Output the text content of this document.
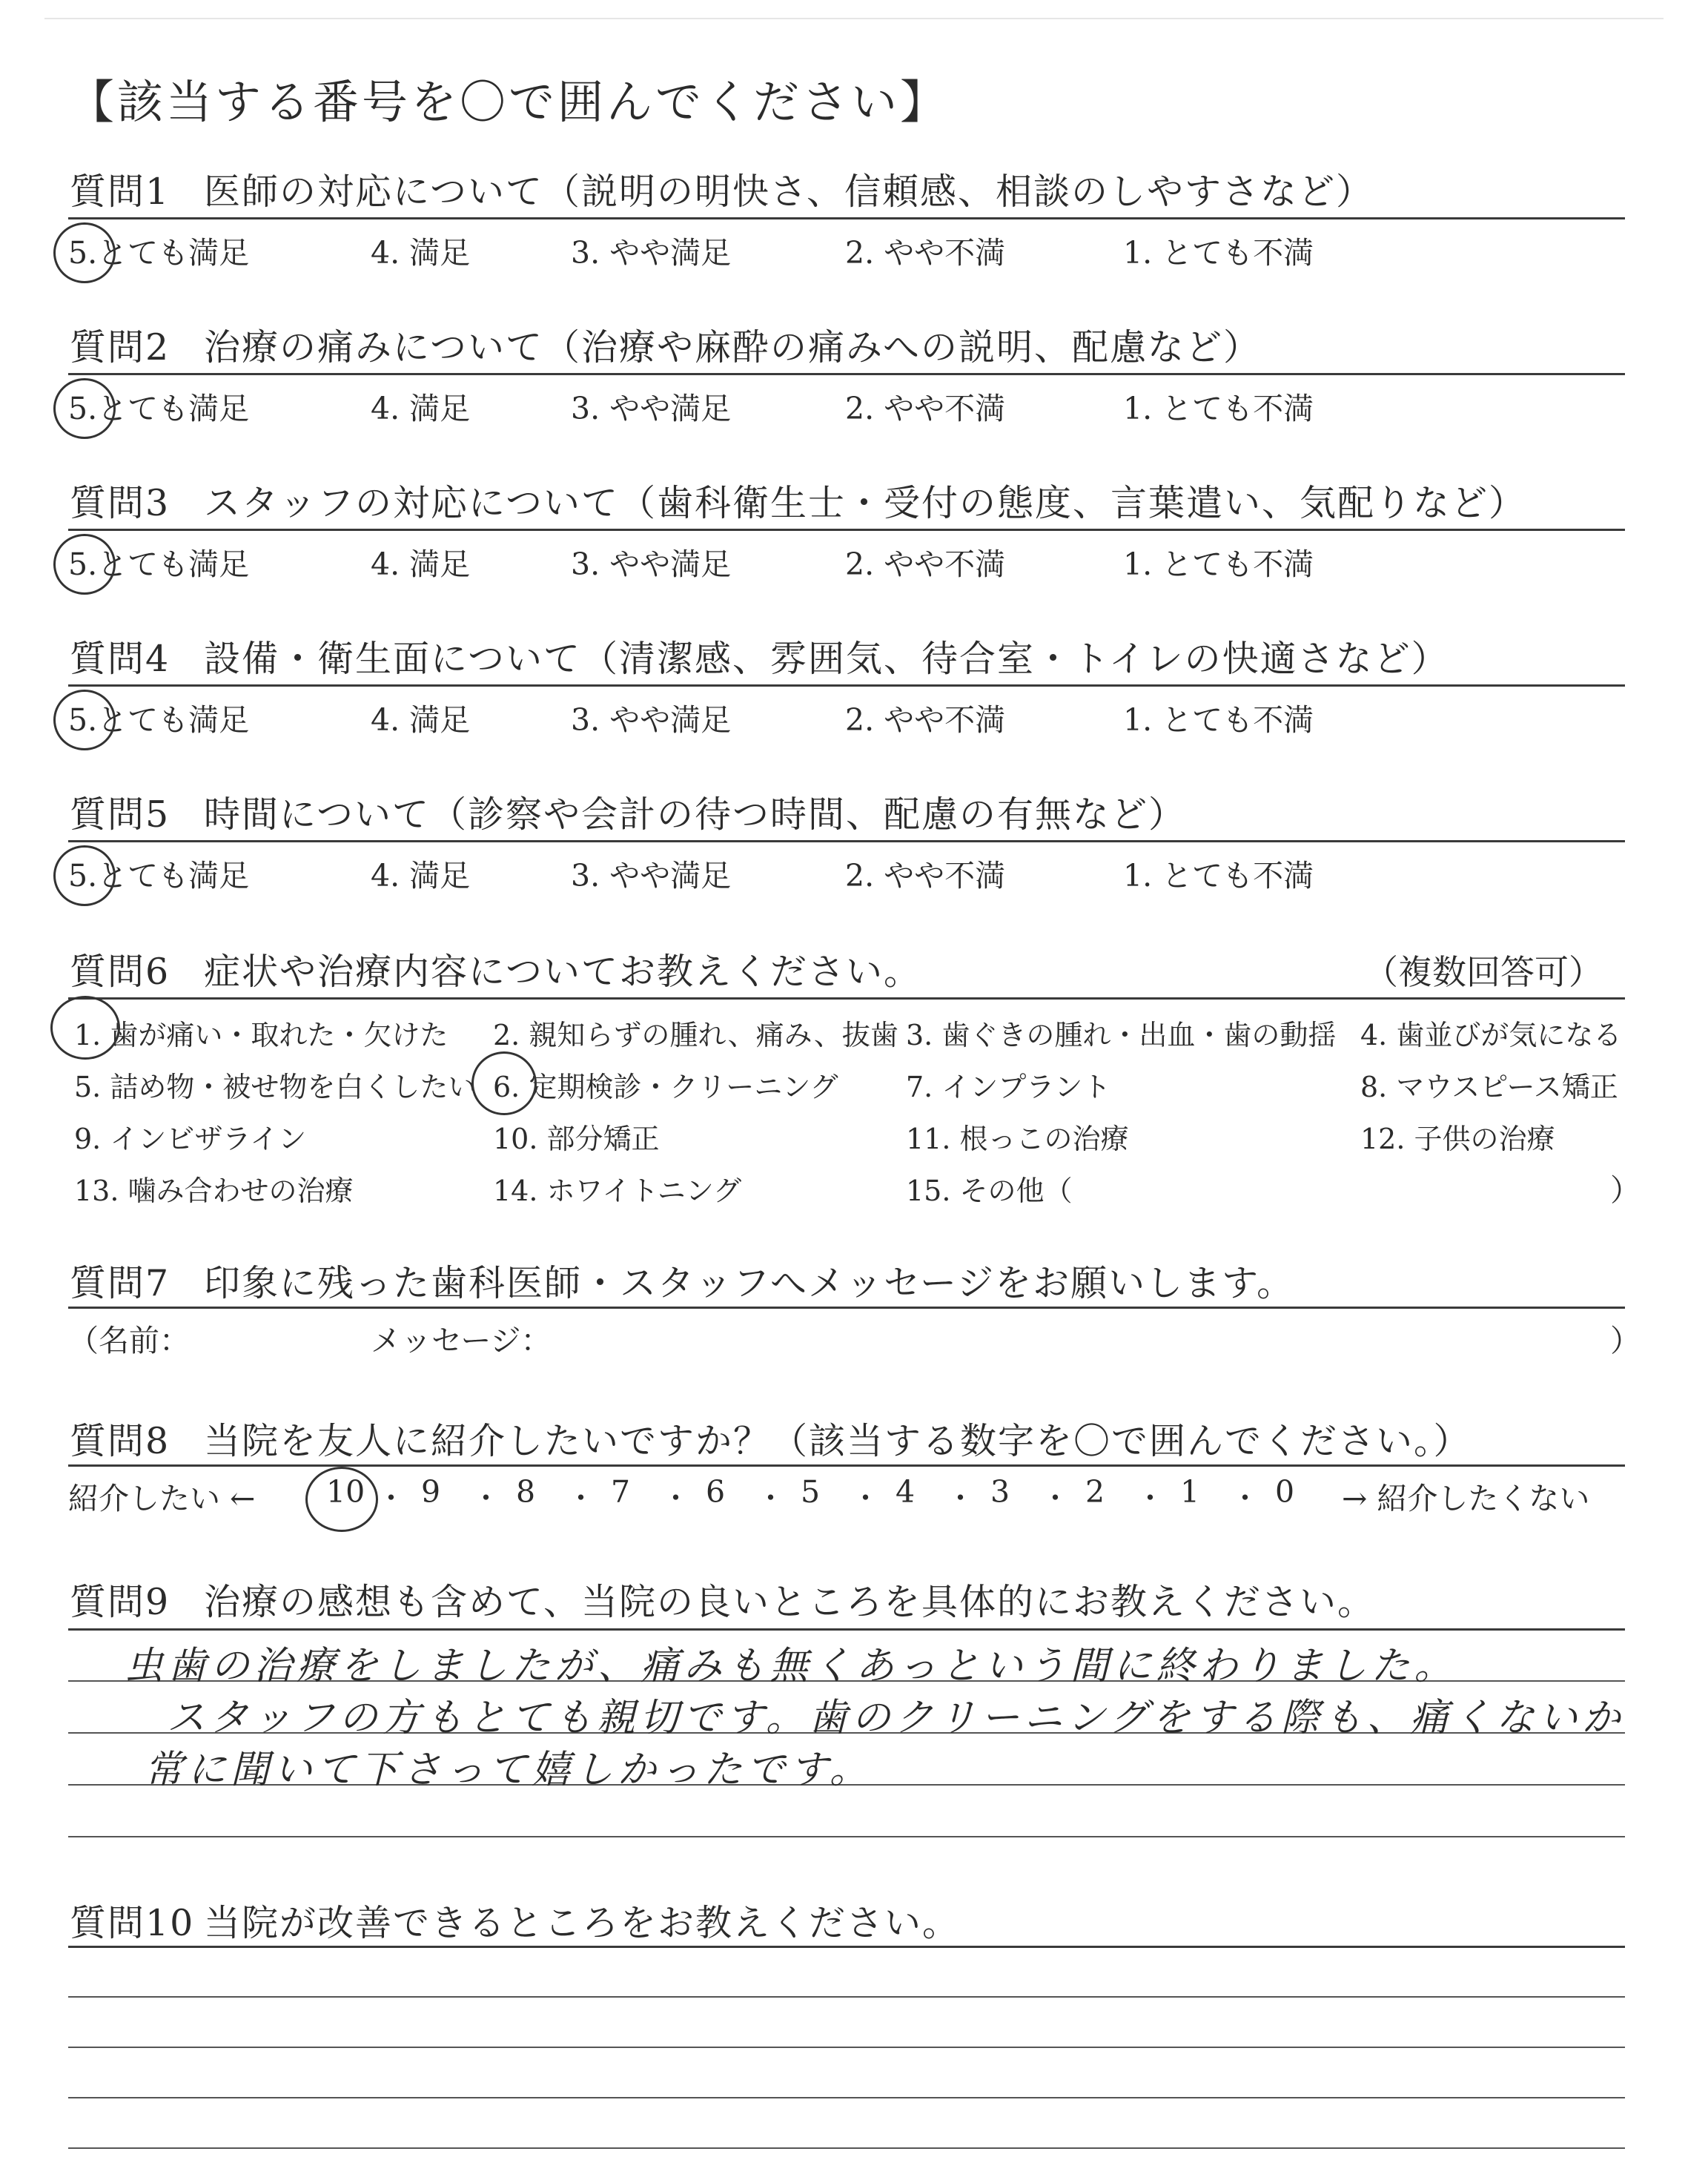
【該当する番号を〇で囲んでください】
質問1 医師の対応について（説明の明快さ、信頼感、相談のしやすさなど）
5.とても満足	4. 満足	3. やや満足	2. やや不満	1. とても不満
質問2 治療の痛みについて（治療や麻酔の痛みへの説明、配慮など）
5.とても満足	4. 満足	3. やや満足	2. やや不満	1. とても不満
質問3 スタッフの対応について（歯科衛生士・受付の態度、言葉遣い、気配りなど）
5.とても満足	4. 満足	3. やや満足	2. やや不満	1. とても不満
質問4 設備・衛生面について（清潔感、雰囲気、待合室・トイレの快適さなど）
5.とても満足	4. 満足	3. やや満足	2. やや不満	1. とても不満
質問5 時間について（診察や会計の待つ時間、配慮の有無など）
5.とても満足	4. 満足	3. やや満足	2. やや不満	1. とても不満
質問6 症状や治療内容についてお教えください。	（複数回答可）
1. 歯が痛い・取れた・欠けた 2. 親知らずの腫れ、痛み、抜歯 3. 歯ぐきの腫れ・出血・歯の動揺 4. 歯並びが気になる
5. 詰め物・被せ物を白くしたい 6. 定期検診・クリーニング 7. インプラント	8. マウスピース矯正
9. インビザライン	10. 部分矯正	11. 根っこの治療	12. 子供の治療
13. 噛み合わせの治療	14. ホワイトニング	15. その他（	）
質問7 印象に残った歯科医師・スタッフへメッセージをお願いします。
（名前：	メッセージ：	）
質問8 当院を友人に紹介したいですか？（該当する数字を〇で囲んでください。）
紹介したい ← 10 ・ 9 ・ 8 ・ 7 ・ 6 ・ 5 ・ 4 ・ 3 ・ 2 ・ 1 ・ 0 → 紹介したくない
質問9 治療の感想も含めて、当院の良いところを具体的にお教えください。
虫歯の治療をしましたが、痛みも無くあっという間に終わりました。
スタッフの方もとても親切です。歯のクリーニングをする際も、痛くないか
常に聞いて下さって嬉しかったです。
質問10 当院が改善できるところをお教えください。
